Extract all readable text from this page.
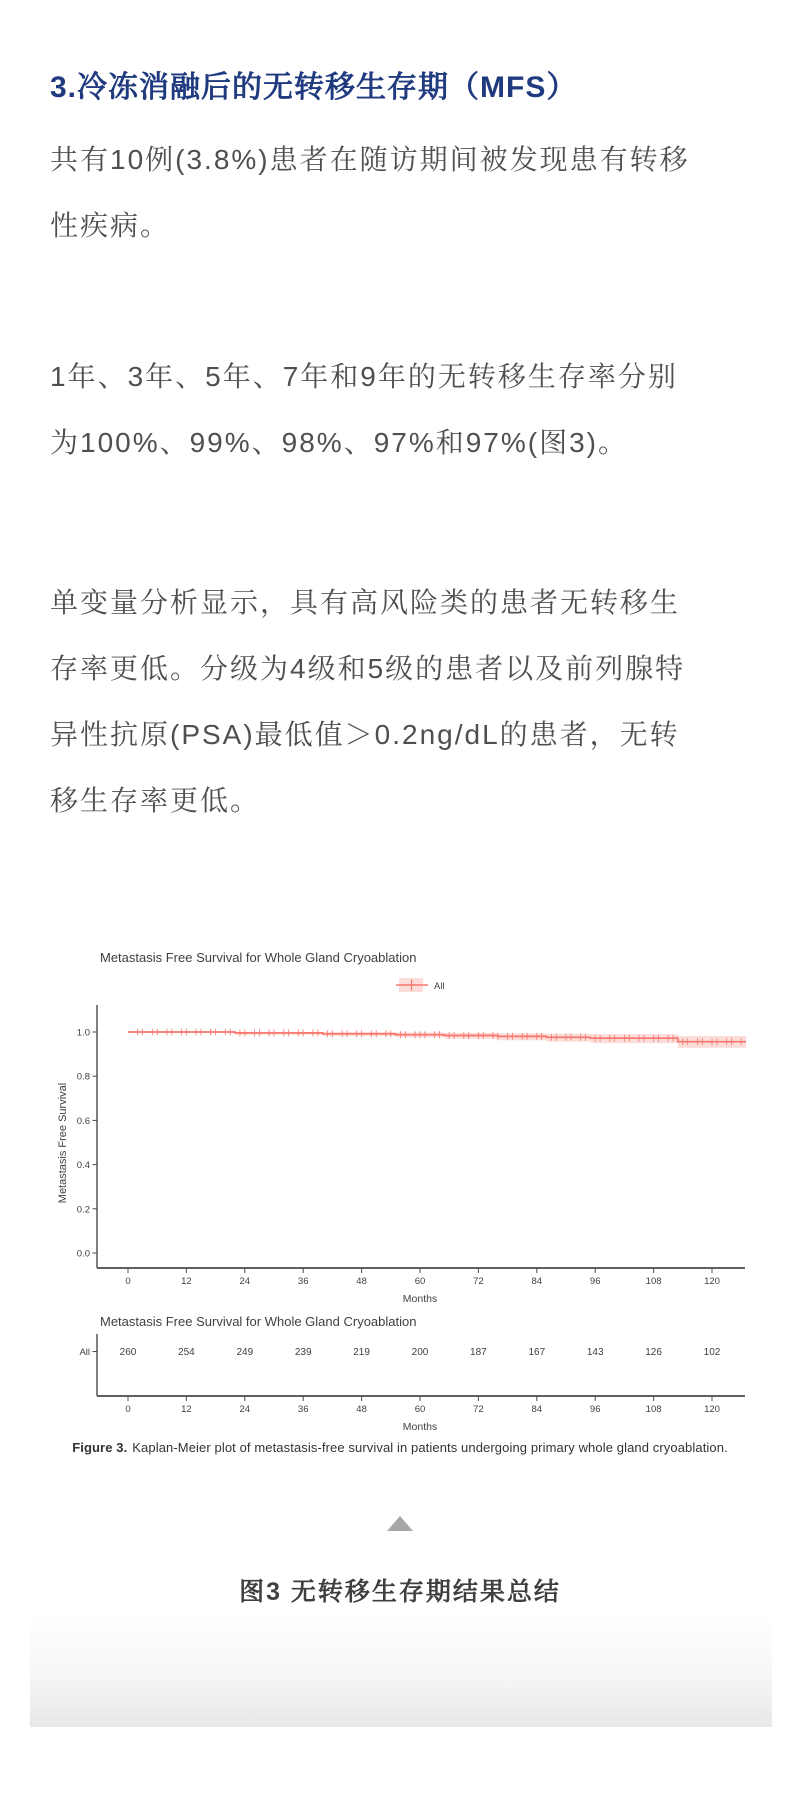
3.冷冻消融后的无转移生存期（MFS）
共有10例(3.8%)患者在随访期间被发现患有转移
性疾病。
1年、3年、5年、7年和9年的无转移生存率分别
为100%、99%、98%、97%和97%(图3)。
单变量分析显示，具有高风险类的患者无转移生
存率更低。分级为4级和5级的患者以及前列腺特
异性抗原(PSA)最低值＞0.2ng/dL的患者，无转
移生存率更低。
Metastasis Free Survival for Whole Gland Cryoablation
All
0.0
0.2
0.4
0.6
0.8
1.0
Metastasis Free Survival
0	12	24	36	48	60	72	84	96	108	120
Months
Metastasis Free Survival for Whole Gland Cryoablation
All	260	254	249	239	219	200	187	167	143	126	102
0	12	24	36	48	60	72	84	96	108	120
Months
Figure 3. Kaplan-Meier plot of metastasis-free survival in patients undergoing primary whole gland cryoablation.
图3 无转移生存期结果总结
